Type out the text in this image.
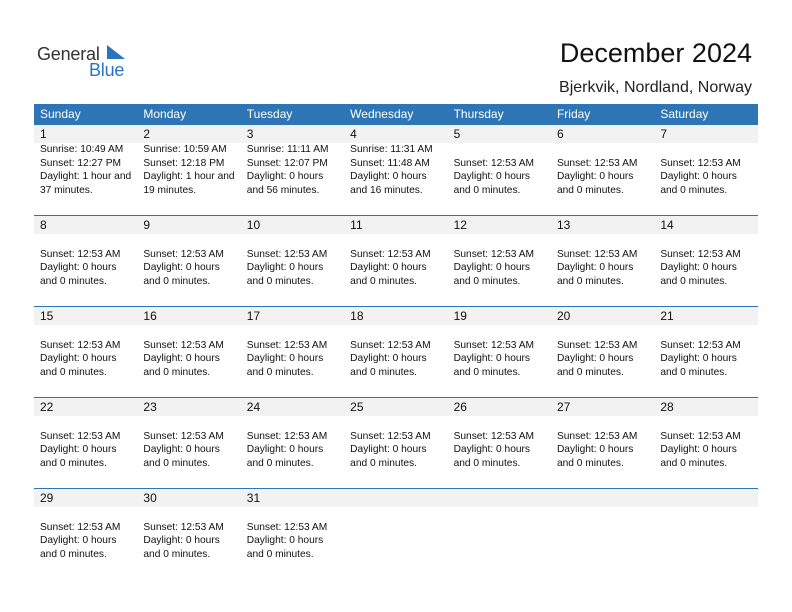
General
Blue
December 2024
Bjerkvik, Nordland, Norway
Sunday	Monday	Tuesday	Wednesday	Thursday	Friday	Saturday
1
Sunrise: 10:49 AM
Sunset: 12:27 PM
Daylight: 1 hour and
37 minutes.
2
Sunrise: 10:59 AM
Sunset: 12:18 PM
Daylight: 1 hour and
19 minutes.
3
Sunrise: 11:11 AM
Sunset: 12:07 PM
Daylight: 0 hours
and 56 minutes.
4
Sunrise: 11:31 AM
Sunset: 11:48 AM
Daylight: 0 hours
and 16 minutes.
5
Sunset: 12:53 AM
Daylight: 0 hours
and 0 minutes.
6
Sunset: 12:53 AM
Daylight: 0 hours
and 0 minutes.
7
Sunset: 12:53 AM
Daylight: 0 hours
and 0 minutes.
8
Sunset: 12:53 AM
Daylight: 0 hours
and 0 minutes.
9
Sunset: 12:53 AM
Daylight: 0 hours
and 0 minutes.
10
Sunset: 12:53 AM
Daylight: 0 hours
and 0 minutes.
11
Sunset: 12:53 AM
Daylight: 0 hours
and 0 minutes.
12
Sunset: 12:53 AM
Daylight: 0 hours
and 0 minutes.
13
Sunset: 12:53 AM
Daylight: 0 hours
and 0 minutes.
14
Sunset: 12:53 AM
Daylight: 0 hours
and 0 minutes.
15
Sunset: 12:53 AM
Daylight: 0 hours
and 0 minutes.
16
Sunset: 12:53 AM
Daylight: 0 hours
and 0 minutes.
17
Sunset: 12:53 AM
Daylight: 0 hours
and 0 minutes.
18
Sunset: 12:53 AM
Daylight: 0 hours
and 0 minutes.
19
Sunset: 12:53 AM
Daylight: 0 hours
and 0 minutes.
20
Sunset: 12:53 AM
Daylight: 0 hours
and 0 minutes.
21
Sunset: 12:53 AM
Daylight: 0 hours
and 0 minutes.
22
Sunset: 12:53 AM
Daylight: 0 hours
and 0 minutes.
23
Sunset: 12:53 AM
Daylight: 0 hours
and 0 minutes.
24
Sunset: 12:53 AM
Daylight: 0 hours
and 0 minutes.
25
Sunset: 12:53 AM
Daylight: 0 hours
and 0 minutes.
26
Sunset: 12:53 AM
Daylight: 0 hours
and 0 minutes.
27
Sunset: 12:53 AM
Daylight: 0 hours
and 0 minutes.
28
Sunset: 12:53 AM
Daylight: 0 hours
and 0 minutes.
29
Sunset: 12:53 AM
Daylight: 0 hours
and 0 minutes.
30
Sunset: 12:53 AM
Daylight: 0 hours
and 0 minutes.
31
Sunset: 12:53 AM
Daylight: 0 hours
and 0 minutes.
